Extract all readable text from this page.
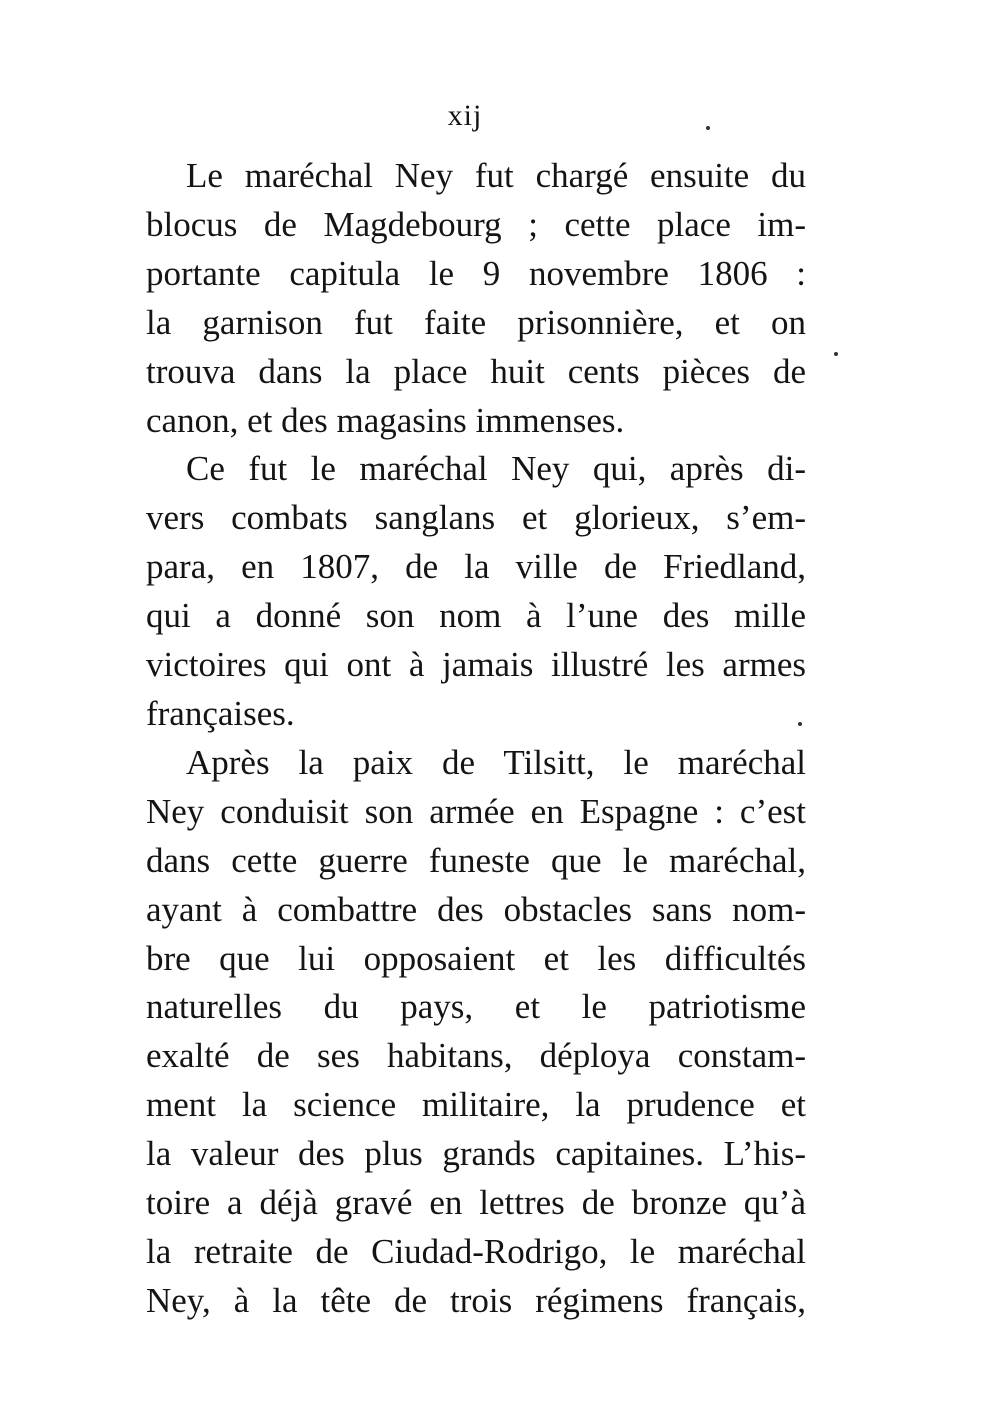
xij

Le maréchal Ney fut chargé ensuite du
blocus de Magdebourg ; cette place im-
portante capitula le 9 novembre 1806 :
la garnison fut faite prisonnière, et on
trouva dans la place huit cents pièces de
canon, et des magasins immenses.

Ce fut le maréchal Ney qui, après di-
vers combats sanglans et glorieux, s’em-
para, en 1807, de la ville de Friedland,
qui a donné son nom à l’une des mille
victoires qui ont à jamais illustré les armes
françaises.

Après la paix de Tilsitt, le maréchal
Ney conduisit son armée en Espagne : c’est
dans cette guerre funeste que le maréchal,
ayant à combattre des obstacles sans nom-
bre que lui opposaient et les difficultés
naturelles du pays, et le patriotisme
exalté de ses habitans, déploya constam-
ment la science militaire, la prudence et
la valeur des plus grands capitaines. L’his-
toire a déjà gravé en lettres de bronze qu’à
la retraite de Ciudad-Rodrigo, le maréchal
Ney, à la tête de trois régimens français,
